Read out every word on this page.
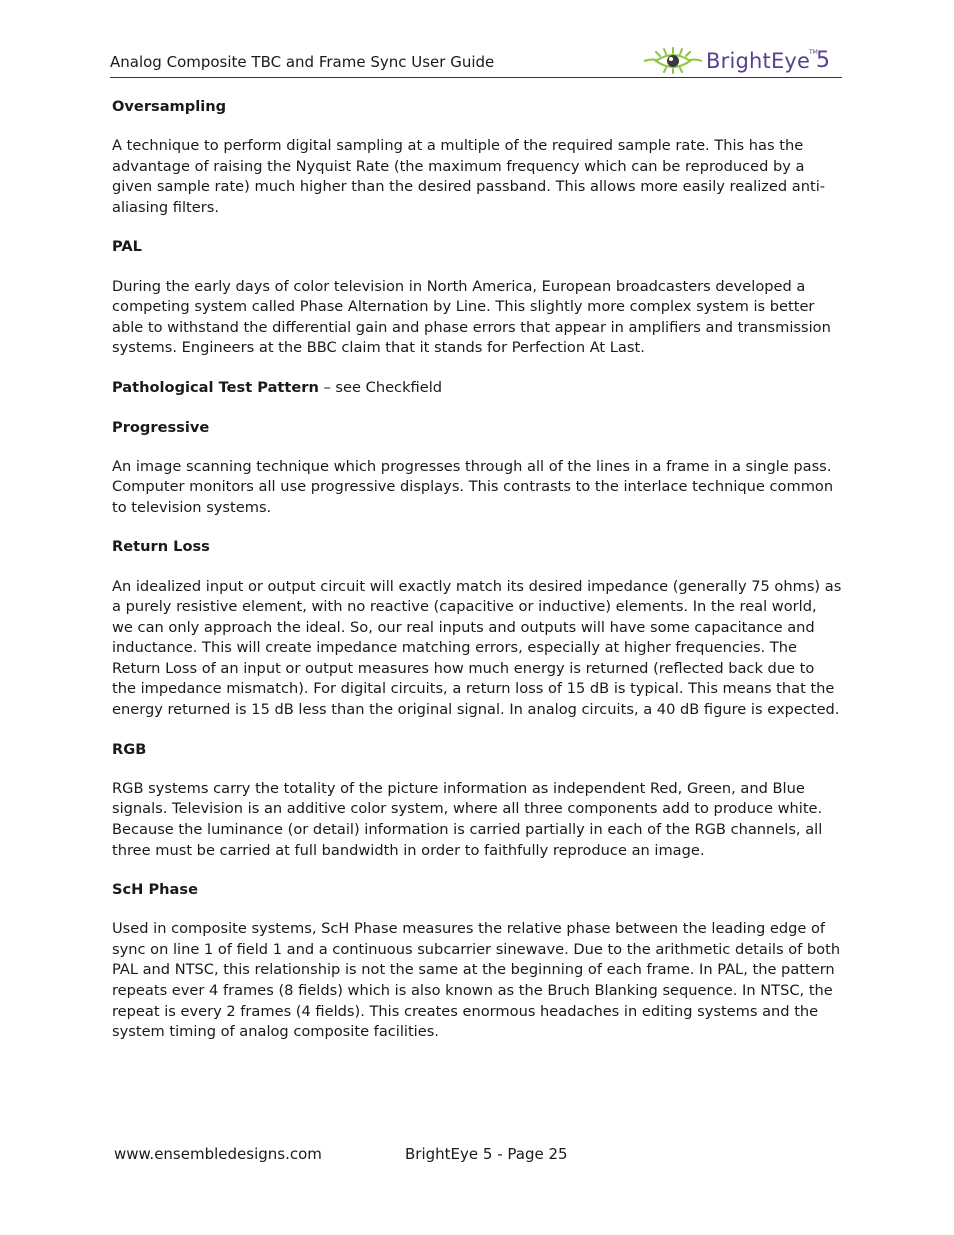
Analog Composite TBC and Frame Sync User Guide	BrightEye
TM
5
Oversampling
A technique to perform digital sampling at a multiple of the required sample rate. This has the advantage of raising the Nyquist Rate (the maximum frequency which can be reproduced by a given sample rate) much higher than the desired passband. This allows more easily realized anti-aliasing filters.
PAL
During the early days of color television in North America, European broadcasters developed a competing system called Phase Alternation by Line. This slightly more complex system is better able to withstand the differential gain and phase errors that appear in amplifiers and transmission systems. Engineers at the BBC claim that it stands for Perfection At Last.
Pathological Test Pattern – see Checkfield
Progressive
An image scanning technique which progresses through all of the lines in a frame in a single pass. Computer monitors all use progressive displays. This contrasts to the interlace technique common to television systems.
Return Loss
An idealized input or output circuit will exactly match its desired impedance (generally 75 ohms) as a purely resistive element, with no reactive (capacitive or inductive) elements. In the real world, we can only approach the ideal. So, our real inputs and outputs will have some capacitance and inductance. This will create impedance matching errors, especially at higher frequencies. The Return Loss of an input or output measures how much energy is returned (reflected back due to the impedance mismatch). For digital circuits, a return loss of 15 dB is typical. This means that the energy returned is 15 dB less than the original signal. In analog circuits, a 40 dB figure is expected.
RGB
RGB systems carry the totality of the picture information as independent Red, Green, and Blue signals. Television is an additive color system, where all three components add to produce white. Because the luminance (or detail) information is carried partially in each of the RGB channels, all three must be carried at full bandwidth in order to faithfully reproduce an image.
ScH Phase
Used in composite systems, ScH Phase measures the relative phase between the leading edge of sync on line 1 of field 1 and a continuous subcarrier sinewave. Due to the arithmetic details of both PAL and NTSC, this relationship is not the same at the beginning of each frame. In PAL, the pattern repeats ever 4 frames (8 fields) which is also known as the Bruch Blanking sequence. In NTSC, the repeat is every 2 frames (4 fields). This creates enormous headaches in editing systems and the system timing of analog composite facilities.
www.ensembledesigns.com	BrightEye 5 - Page 25
